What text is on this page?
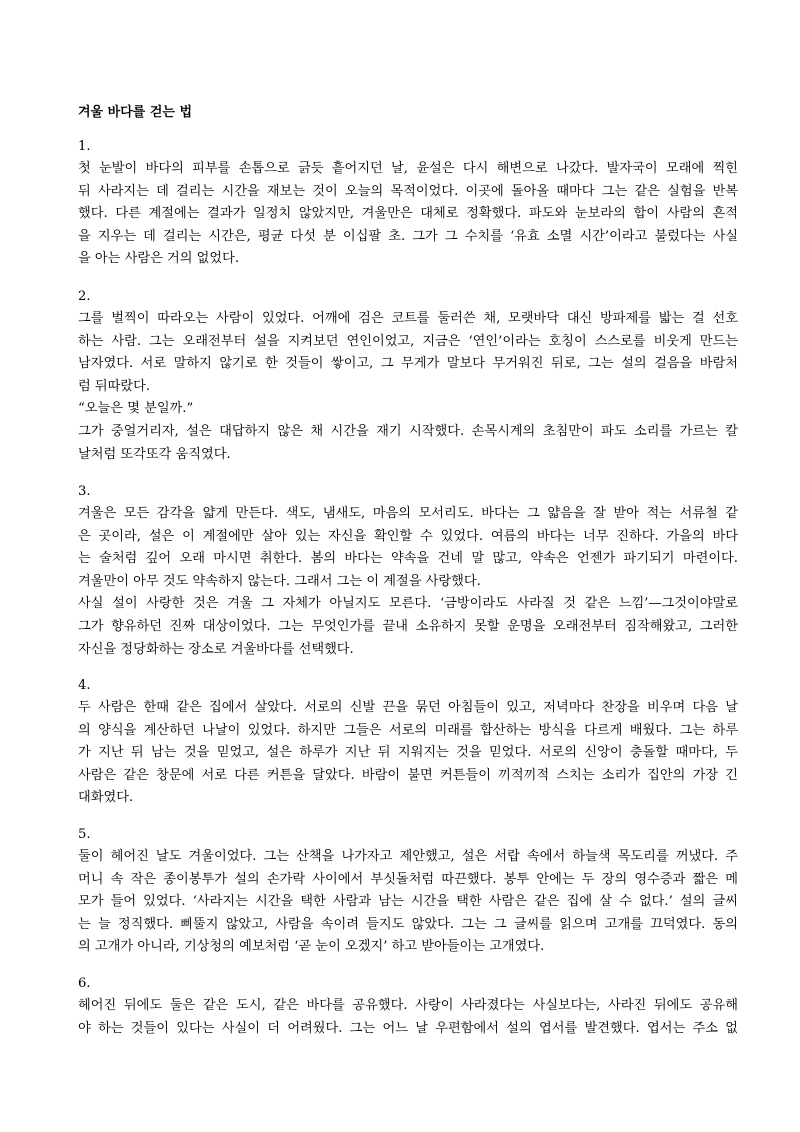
겨울 바다를 걷는 법
1.
첫 눈발이 바다의 피부를 손톱으로 긁듯 흩어지던 날, 윤설은 다시 해변으로 나갔다. 발자국이 모래에 찍힌
뒤 사라지는 데 걸리는 시간을 재보는 것이 오늘의 목적이었다. 이곳에 돌아올 때마다 그는 같은 실험을 반복
했다. 다른 계절에는 결과가 일정치 않았지만, 겨울만은 대체로 정확했다. 파도와 눈보라의 합이 사람의 흔적
을 지우는 데 걸리는 시간은, 평균 다섯 분 이십팔 초. 그가 그 수치를 ‘유효 소멸 시간’이라고 불렀다는 사실
을 아는 사람은 거의 없었다.
2.
그를 벌찍이 따라오는 사람이 있었다. 어깨에 검은 코트를 둘러쓴 채, 모랫바닥 대신 방파제를 밟는 걸 선호
하는 사람. 그는 오래전부터 설을 지켜보던 연인이었고, 지금은 ‘연인’이라는 호칭이 스스로를 비웃게 만드는
남자였다. 서로 말하지 않기로 한 것들이 쌓이고, 그 무게가 말보다 무거워진 뒤로, 그는 설의 걸음을 바람처
럼 뒤따랐다.
“오늘은 몇 분일까.”
그가 중얼거리자, 설은 대답하지 않은 채 시간을 재기 시작했다. 손목시계의 초침만이 파도 소리를 가르는 칼
날처럼 또각또각 움직였다.
3.
겨울은 모든 감각을 얇게 만든다. 색도, 냄새도, 마음의 모서리도. 바다는 그 얇음을 잘 받아 적는 서류철 같
은 곳이라, 설은 이 계절에만 살아 있는 자신을 확인할 수 있었다. 여름의 바다는 너무 진하다. 가을의 바다
는 술처럼 깊어 오래 마시면 취한다. 봄의 바다는 약속을 건네 말 많고, 약속은 언젠가 파기되기 마련이다.
겨울만이 아무 것도 약속하지 않는다. 그래서 그는 이 계절을 사랑했다.
사실 설이 사랑한 것은 겨울 그 자체가 아닐지도 모른다. ‘금방이라도 사라질 것 같은 느낌’—그것이야말로
그가 향유하던 진짜 대상이었다. 그는 무엇인가를 끝내 소유하지 못할 운명을 오래전부터 짐작해왔고, 그러한
자신을 정당화하는 장소로 겨울바다를 선택했다.
4.
두 사람은 한때 같은 집에서 살았다. 서로의 신발 끈을 묶던 아침들이 있고, 저녁마다 찬장을 비우며 다음 날
의 양식을 계산하던 나날이 있었다. 하지만 그들은 서로의 미래를 합산하는 방식을 다르게 배웠다. 그는 하루
가 지난 뒤 남는 것을 믿었고, 설은 하루가 지난 뒤 지워지는 것을 믿었다. 서로의 신앙이 충돌할 때마다, 두
사람은 같은 창문에 서로 다른 커튼을 달았다. 바람이 불면 커튼들이 끼적끼적 스치는 소리가 집안의 가장 긴
대화였다.
5.
둘이 헤어진 날도 겨울이었다. 그는 산책을 나가자고 제안했고, 설은 서랍 속에서 하늘색 목도리를 꺼냈다. 주
머니 속 작은 종이봉투가 설의 손가락 사이에서 부싯돌처럼 따끈했다. 봉투 안에는 두 장의 영수증과 짧은 메
모가 들어 있었다. ‘사라지는 시간을 택한 사람과 남는 시간을 택한 사람은 같은 집에 살 수 없다.’ 설의 글씨
는 늘 정직했다. 삐뚤지 않았고, 사람을 속이려 들지도 않았다. 그는 그 글씨를 읽으며 고개를 끄덕였다. 동의
의 고개가 아니라, 기상청의 예보처럼 ‘곧 눈이 오겠지’ 하고 받아들이는 고개였다.
6.
헤어진 뒤에도 둘은 같은 도시, 같은 바다를 공유했다. 사랑이 사라졌다는 사실보다는, 사라진 뒤에도 공유해
야 하는 것들이 있다는 사실이 더 어려웠다. 그는 어느 날 우편함에서 설의 엽서를 발견했다. 엽서는 주소 없
